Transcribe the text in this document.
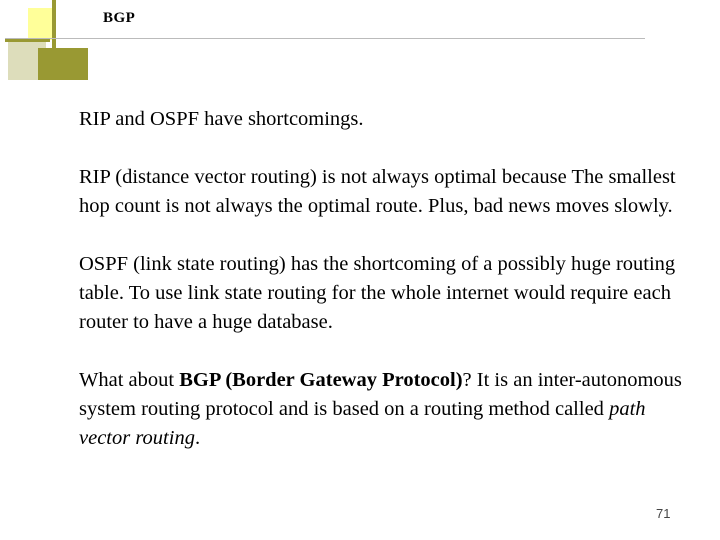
BGP

RIP and OSPF have shortcomings.

RIP (distance vector routing) is not always optimal because The smallest hop count is not always the optimal route. Plus, bad news moves slowly.

OSPF (link state routing) has the shortcoming of a possibly huge routing table. To use link state routing for the whole internet would require each router to have a huge database.

What about BGP (Border Gateway Protocol)? It is an inter-autonomous system routing protocol and is based on a routing method called path vector routing.

71
